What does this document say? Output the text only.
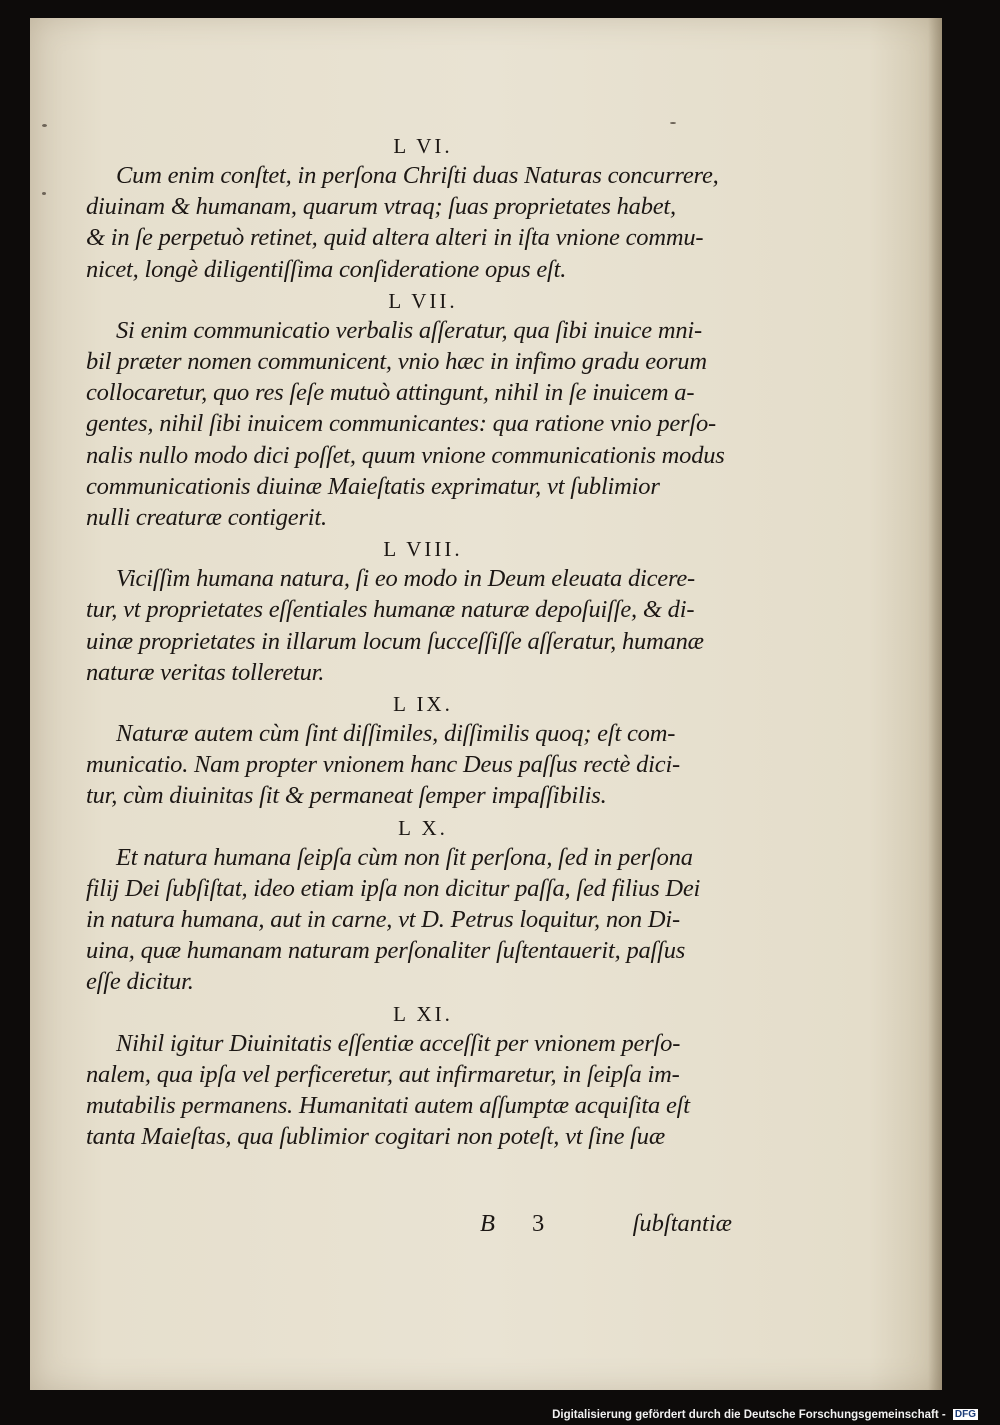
L VI.
Cum enim conſtet, in perſona Chriſti duas Naturas concurrere,
diuinam & humanam, quarum vtraq; ſuas proprietates habet,
& in ſe perpetuò retinet, quid altera alteri in iſta vnione commu-
nicet, longè diligentiſſima conſideratione opus eſt.
L VII.
Si enim communicatio verbalis aſſeratur, qua ſibi inuice mni-
bil præter nomen communicent, vnio hæc in infimo gradu eorum
collocaretur, quo res ſeſe mutuò attingunt, nihil in ſe inuicem a-
gentes, nihil ſibi inuicem communicantes: qua ratione vnio perſo-
nalis nullo modo dici poſſet, quum vnione communicationis modus
communicationis diuinæ Maieſtatis exprimatur, vt ſublimior
nulli creaturæ contigerit.
L VIII.
Viciſſim humana natura, ſi eo modo in Deum eleuata dicere-
tur, vt proprietates eſſentiales humanæ naturæ depoſuiſſe, & di-
uinæ proprietates in illarum locum ſucceſſiſſe aſſeratur, humanæ
naturæ veritas tolleretur.
L IX.
Naturæ autem cùm ſint diſſimiles, diſſimilis quoq; eſt com-
municatio. Nam propter vnionem hanc Deus paſſus rectè dici-
tur, cùm diuinitas ſit & permaneat ſemper impaſſibilis.
L X.
Et natura humana ſeipſa cùm non ſit perſona, ſed in perſona
filij Dei ſubſiſtat, ideo etiam ipſa non dicitur paſſa, ſed filius Dei
in natura humana, aut in carne, vt D. Petrus loquitur, non Di-
uina, quæ humanam naturam perſonaliter ſuſtentauerit, paſſus
eſſe dicitur.
L XI.
Nihil igitur Diuinitatis eſſentiæ acceſſit per vnionem perſo-
nalem, qua ipſa vel perficeretur, aut infirmaretur, in ſeipſa im-
mutabilis permanens. Humanitati autem aſſumptæ acquiſita eſt
tanta Maieſtas, qua ſublimior cogitari non poteſt, vt ſine ſuæ
B 3	ſubſtantiæ
Digitalisierung gefördert durch die Deutsche Forschungsgemeinschaft - DFG
